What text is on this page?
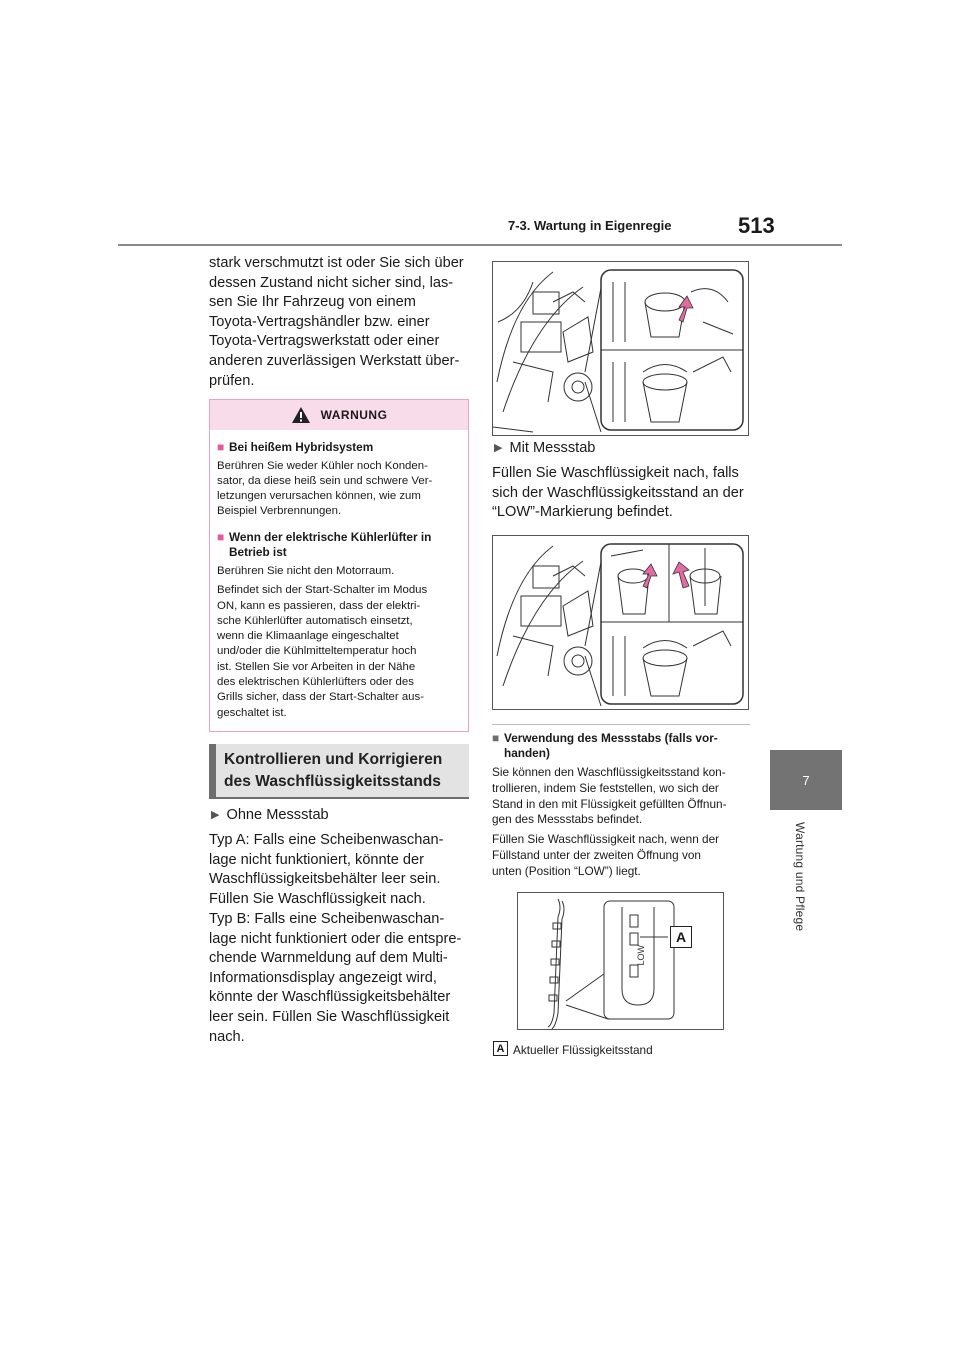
7-3. Wartung in Eigenregie	513
7
Wartung und Pflege
stark verschmutzt ist oder Sie sich über
dessen Zustand nicht sicher sind, las-
sen Sie Ihr Fahrzeug von einem
Toyota-Vertragshändler bzw. einer
Toyota-Vertragswerkstatt oder einer
anderen zuverlässigen Werkstatt über-
prüfen.
WARNUNG
■ Bei heißem Hybridsystem
Berühren Sie weder Kühler noch Konden-
sator, da diese heiß sein und schwere Ver-
letzungen verursachen können, wie zum
Beispiel Verbrennungen.
■ Wenn der elektrische Kühlerlüfter in
Betrieb ist
Berühren Sie nicht den Motorraum.
Befindet sich der Start-Schalter im Modus
ON, kann es passieren, dass der elektri-
sche Kühlerlüfter automatisch einsetzt,
wenn die Klimaanlage eingeschaltet
und/oder die Kühlmitteltemperatur hoch
ist. Stellen Sie vor Arbeiten in der Nähe
des elektrischen Kühlerlüfters oder des
Grills sicher, dass der Start-Schalter aus-
geschaltet ist.
Kontrollieren und Korrigieren
des Waschflüssigkeitsstands
▶ Ohne Messstab
Typ A: Falls eine Scheibenwaschan-
lage nicht funktioniert, könnte der
Waschflüssigkeitsbehälter leer sein.
Füllen Sie Waschflüssigkeit nach.
Typ B: Falls eine Scheibenwaschan-
lage nicht funktioniert oder die entspre-
chende Warnmeldung auf dem Multi-
Informationsdisplay angezeigt wird,
könnte der Waschflüssigkeitsbehälter
leer sein. Füllen Sie Waschflüssigkeit
nach.
▶ Mit Messstab
Füllen Sie Waschflüssigkeit nach, falls
sich der Waschflüssigkeitsstand an der
“LOW”-Markierung befindet.
■ Verwendung des Messstabs (falls vor-
handen)
Sie können den Waschflüssigkeitsstand kon-
trollieren, indem Sie feststellen, wo sich der
Stand in den mit Flüssigkeit gefüllten Öffnun-
gen des Messstabs befindet.
Füllen Sie Waschflüssigkeit nach, wenn der
Füllstand unter der zweiten Öffnung von
unten (Position “LOW”) liegt.
LOW
A
A Aktueller Flüssigkeitsstand
